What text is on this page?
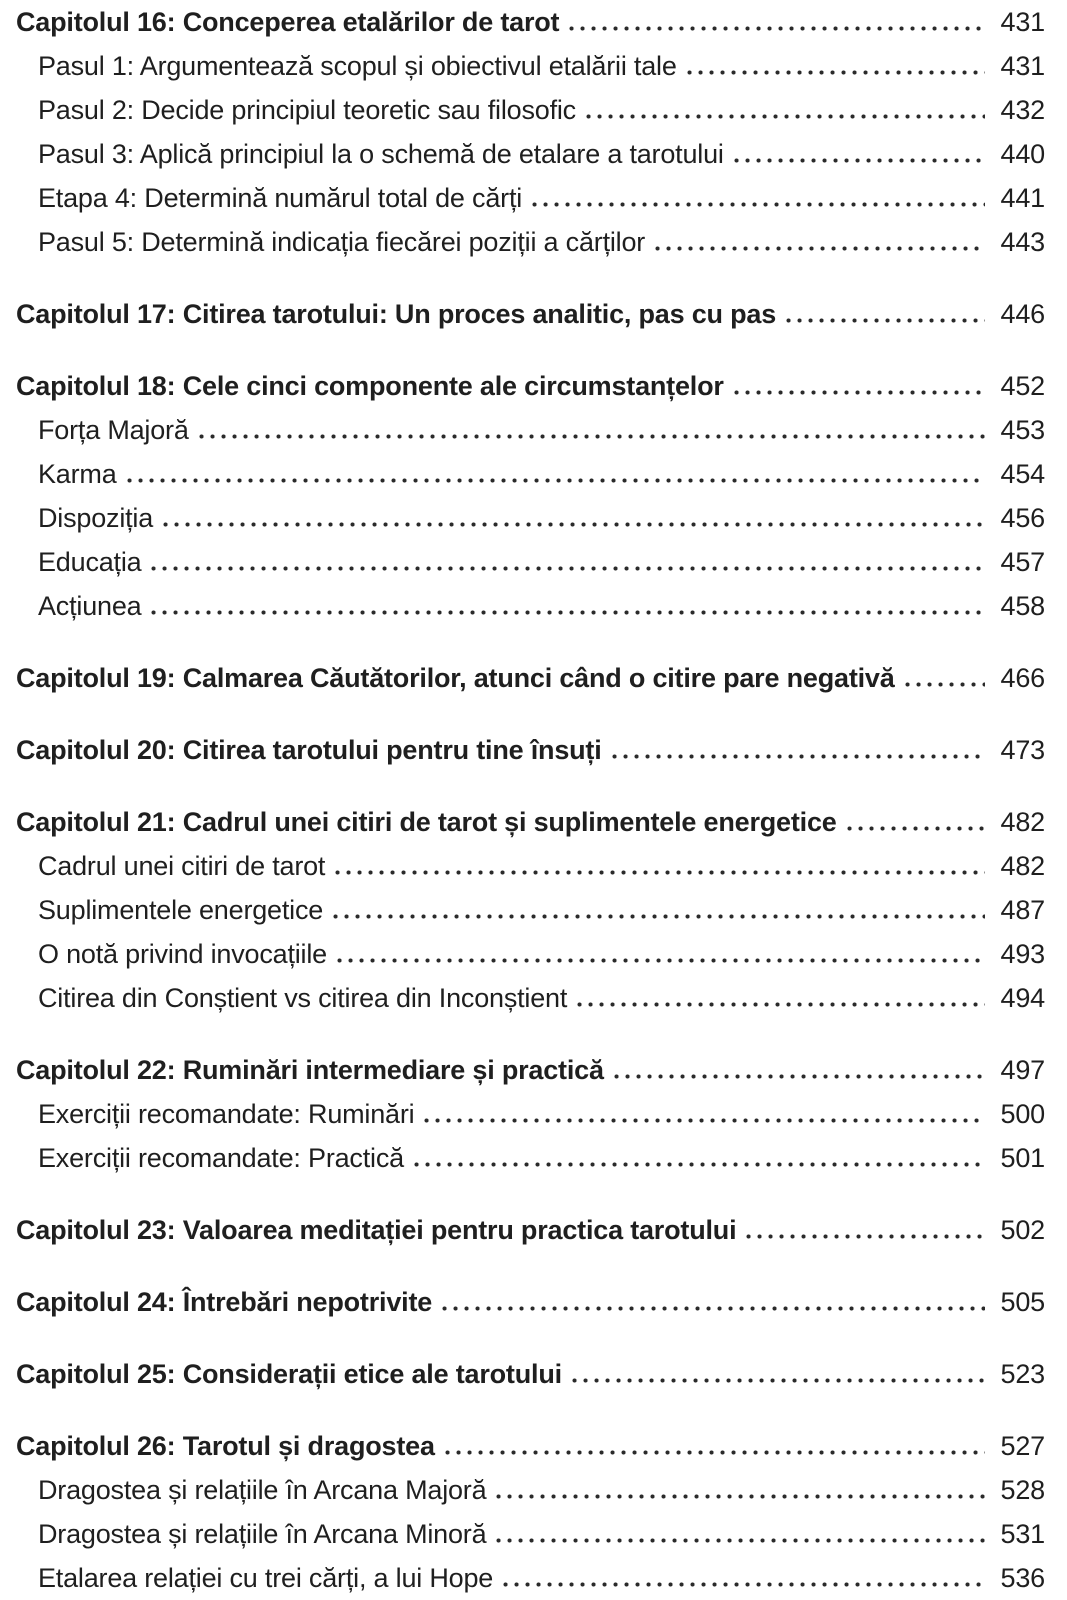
Capitolul 16: Conceperea etalărilor de tarot	431
Pasul 1: Argumentează scopul și obiectivul etalării tale	431
Pasul 2: Decide principiul teoretic sau filosofic	432
Pasul 3: Aplică principiul la o schemă de etalare a tarotului	440
Etapa 4: Determină numărul total de cărți	441
Pasul 5: Determină indicația fiecărei poziții a cărților	443
Capitolul 17: Citirea tarotului: Un proces analitic, pas cu pas	446
Capitolul 18: Cele cinci componente ale circumstanțelor	452
Forța Majoră	453
Karma	454
Dispoziția	456
Educația	457
Acțiunea	458
Capitolul 19: Calmarea Căutătorilor, atunci când o citire pare negativă	466
Capitolul 20: Citirea tarotului pentru tine însuți	473
Capitolul 21: Cadrul unei citiri de tarot și suplimentele energetice	482
Cadrul unei citiri de tarot	482
Suplimentele energetice	487
O notă privind invocațiile	493
Citirea din Conștient vs citirea din Inconștient	494
Capitolul 22: Ruminări intermediare și practică	497
Exerciții recomandate: Ruminări	500
Exerciții recomandate: Practică	501
Capitolul 23: Valoarea meditației pentru practica tarotului	502
Capitolul 24: Întrebări nepotrivite	505
Capitolul 25: Considerații etice ale tarotului	523
Capitolul 26: Tarotul și dragostea	527
Dragostea și relațiile în Arcana Majoră	528
Dragostea și relațiile în Arcana Minoră	531
Etalarea relației cu trei cărți, a lui Hope	536
